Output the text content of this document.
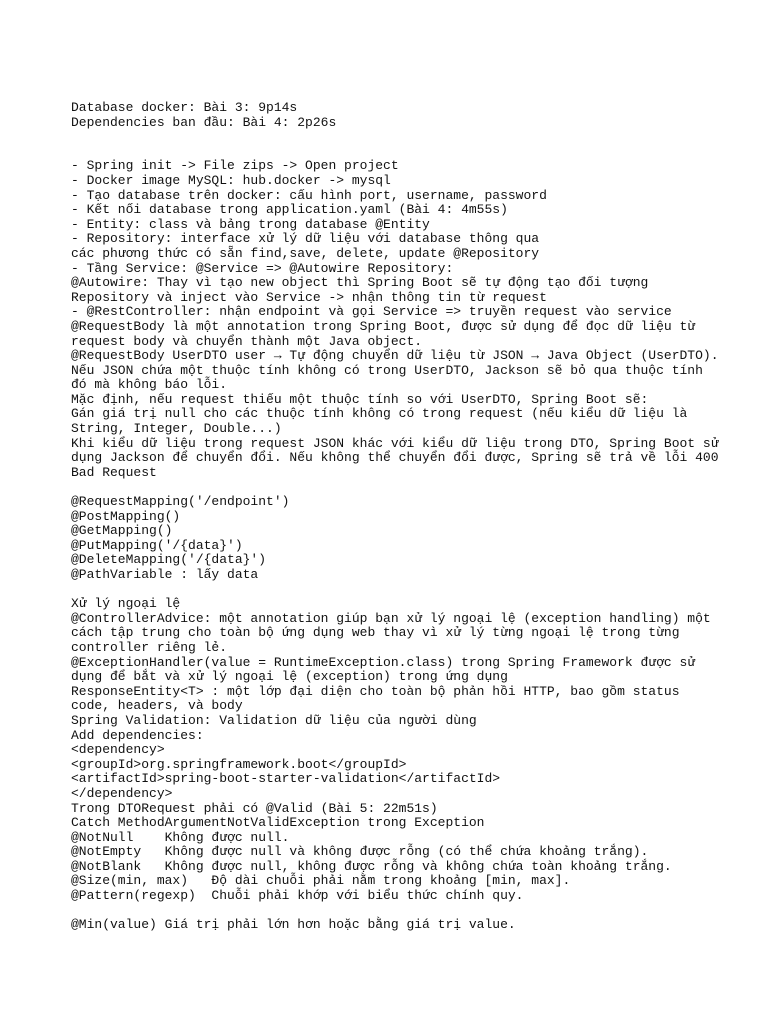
Database docker: Bài 3: 9p14s
Dependencies ban đầu: Bài 4: 2p26s
- Spring init -> File zips -> Open project
- Docker image MySQL: hub.docker -> mysql
- Tạo database trên docker: cấu hình port, username, password
- Kết nối database trong application.yaml (Bài 4: 4m55s)
- Entity: class và bảng trong database @Entity
- Repository: interface xử lý dữ liệu với database thông qua
các phương thức có sẵn find,save, delete, update @Repository
- Tầng Service: @Service => @Autowire Repository:
@Autowire: Thay vì tạo new object thì Spring Boot sẽ tự động tạo đối tượng
Repository và inject vào Service -> nhận thông tin từ request
- @RestController: nhận endpoint và gọi Service => truyền request vào service
@RequestBody là một annotation trong Spring Boot, được sử dụng để đọc dữ liệu từ
request body và chuyển thành một Java object.
@RequestBody UserDTO user → Tự động chuyển dữ liệu từ JSON → Java Object (UserDTO).
Nếu JSON chứa một thuộc tính không có trong UserDTO, Jackson sẽ bỏ qua thuộc tính
đó mà không báo lỗi.
Mặc định, nếu request thiếu một thuộc tính so với UserDTO, Spring Boot sẽ:
Gán giá trị null cho các thuộc tính không có trong request (nếu kiểu dữ liệu là
String, Integer, Double...)
Khi kiểu dữ liệu trong request JSON khác với kiểu dữ liệu trong DTO, Spring Boot sử
dụng Jackson để chuyển đổi. Nếu không thể chuyển đổi được, Spring sẽ trả về lỗi 400
Bad Request
@RequestMapping('/endpoint')
@PostMapping()
@GetMapping()
@PutMapping('/{data}')
@DeleteMapping('/{data}')
@PathVariable : lấy data
Xử lý ngoại lệ
@ControllerAdvice: một annotation giúp bạn xử lý ngoại lệ (exception handling) một
cách tập trung cho toàn bộ ứng dụng web thay vì xử lý từng ngoại lệ trong từng
controller riêng lẻ.
@ExceptionHandler(value = RuntimeException.class) trong Spring Framework được sử
dụng để bắt và xử lý ngoại lệ (exception) trong ứng dụng
ResponseEntity<T> : một lớp đại diện cho toàn bộ phản hồi HTTP, bao gồm status
code, headers, và body
Spring Validation: Validation dữ liệu của người dùng
Add dependencies:
<dependency>
<groupId>org.springframework.boot</groupId>
<artifactId>spring-boot-starter-validation</artifactId>
</dependency>
Trong DTORequest phải có @Valid (Bài 5: 22m51s)
Catch MethodArgumentNotValidException trong Exception
@NotNull    Không được null.
@NotEmpty   Không được null và không được rỗng (có thể chứa khoảng trắng).
@NotBlank   Không được null, không được rỗng và không chứa toàn khoảng trắng.
@Size(min, max)   Độ dài chuỗi phải nằm trong khoảng [min, max].
@Pattern(regexp)  Chuỗi phải khớp với biểu thức chính quy.
@Min(value) Giá trị phải lớn hơn hoặc bằng giá trị value.
